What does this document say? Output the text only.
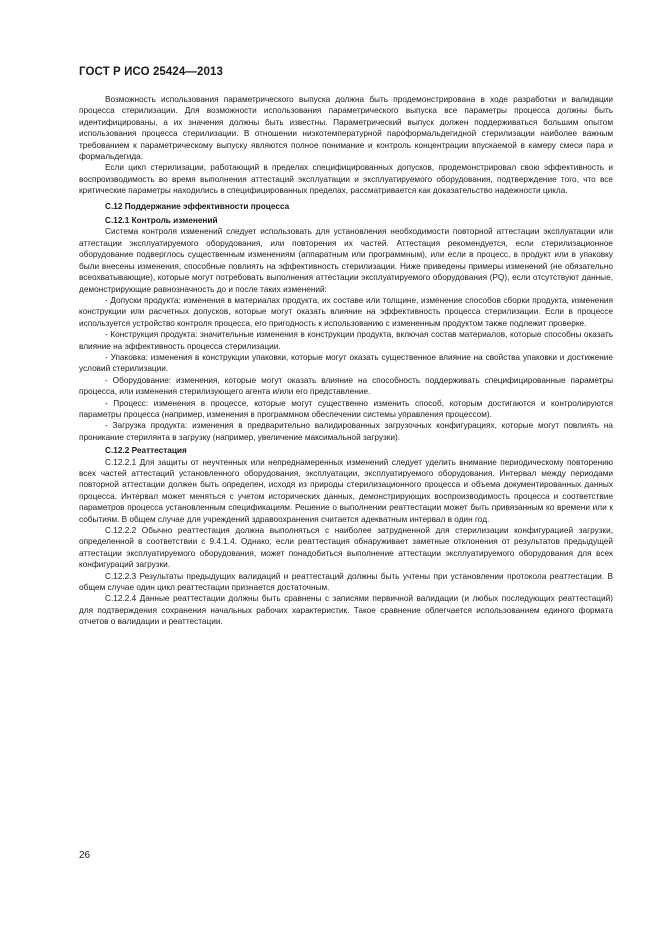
ГОСТ Р ИСО 25424—2013

Возможность использования параметрического выпуска должна быть продемонстрирована в ходе разработки и валидации процесса стерилизации. Для возможности использования параметрического выпуска все параметры процесса должны быть идентифицированы, а их значения должны быть известны. Параметрический выпуск должен поддерживаться большим опытом использования процесса стерилизации. В отношении низкотемпературной пароформальдегидной стерилизации наиболее важным требованием к параметрическому выпуску являются полное понимание и контроль концентрации впускаемой в камеру смеси пара и формальдегида.

Если цикл стерилизации, работающий в пределах специфицированных допусков, продемонстрировал свою эффективность и воспроизводимость во время выполнения аттестаций эксплуатации и эксплуатируемого оборудования, подтверждение того, что все критические параметры находились в специфицированных пределах, рассматривается как доказательство надежности цикла.

С.12 Поддержание эффективности процесса
С.12.1 Контроль изменений

Система контроля изменений следует использовать для установления необходимости повторной аттестации эксплуатации или аттестации эксплуатируемого оборудования, или повторения их частей. Аттестация рекомендуется, если стерилизационное оборудование подверглось существенным изменениям (аппаратным или программным), или если в процесс, в продукт или в упаковку были внесены изменения, способные повлиять на эффективность стерилизации. Ниже приведены примеры изменений (не обязательно всеохватывающие), которые могут потребовать выполнения аттестации эксплуатируемого оборудования (PQ), если отсутствуют данные, демонстрирующие равнозначность до и после таких изменений:

- Допуски продукта: изменения в материалах продукта, их составе или толщине, изменение способов сборки продукта, изменения конструкции или расчетных допусков, которые могут оказать влияние на эффективность процесса стерилизации. Если в процессе используется устройство контроля процесса, его пригодность к использованию с измененным продуктом также подлежит проверке.

- Конструкция продукта: значительные изменения в конструкции продукта, включая состав материалов, которые способны оказать влияние на эффективность процесса стерилизации.

- Упаковка: изменения в конструкции упаковки, которые могут оказать существенное влияние на свойства упаковки и достижение условий стерилизации.

- Оборудование: изменения, которые могут оказать влияние на способность поддерживать специфицированные параметры процесса, или изменения стерилизующего агента и/или его представление.

- Процесс: изменения в процессе, которые могут существенно изменить способ, которым достигаются и контролируются параметры процесса (например, изменения в программном обеспечении системы управления процессом).

- Загрузка продукта: изменения в предварительно валидированных загрузочных конфигурациях, которые могут повлиять на проникание стерилянта в загрузку (например, увеличение максимальной загрузки).

С.12.2 Реаттестация

С.12.2.1 Для защиты от неучтенных или непреднамеренных изменений следует уделить внимание периодическому повторению всех частей аттестаций установленного оборудования, эксплуатации, эксплуатируемого оборудования. Интервал между периодами повторной аттестации должен быть определен, исходя из природы стерилизационного процесса и объема документированных данных процесса. Интервал может меняться с учетом исторических данных, демонстрирующих воспроизводимость процесса и соответствие параметров процесса установленным спецификациям. Решение о выполнении реаттестации может быть привязанным ко времени или к событиям. В общем случае для учреждений здравоохранения считается адекватным интервал в один год.

С.12.2.2 Обычно реаттестация должна выполняться с наиболее затрудненной для стерилизации конфигурацией загрузки, определенной в соответствии с 9.4.1.4. Однако, если реаттестация обнаруживает заметные отклонения от результатов предыдущей аттестации эксплуатируемого оборудования, может понадобиться выполнение аттестации эксплуатируемого оборудования для всех конфигураций загрузки.

С.12.2.3 Результаты предыдущих валидаций и реаттестаций должны быть учтены при установлении протокола реаттестации. В общем случае один цикл реаттестации признается достаточным.

С.12.2.4 Данные реаттестации должны быть сравнены с записями первичной валидации (и любых последующих реаттестаций) для подтверждения сохранения начальных рабочих характеристик. Такое сравнение облегчается использованием единого формата отчетов о валидации и реаттестации.

26
